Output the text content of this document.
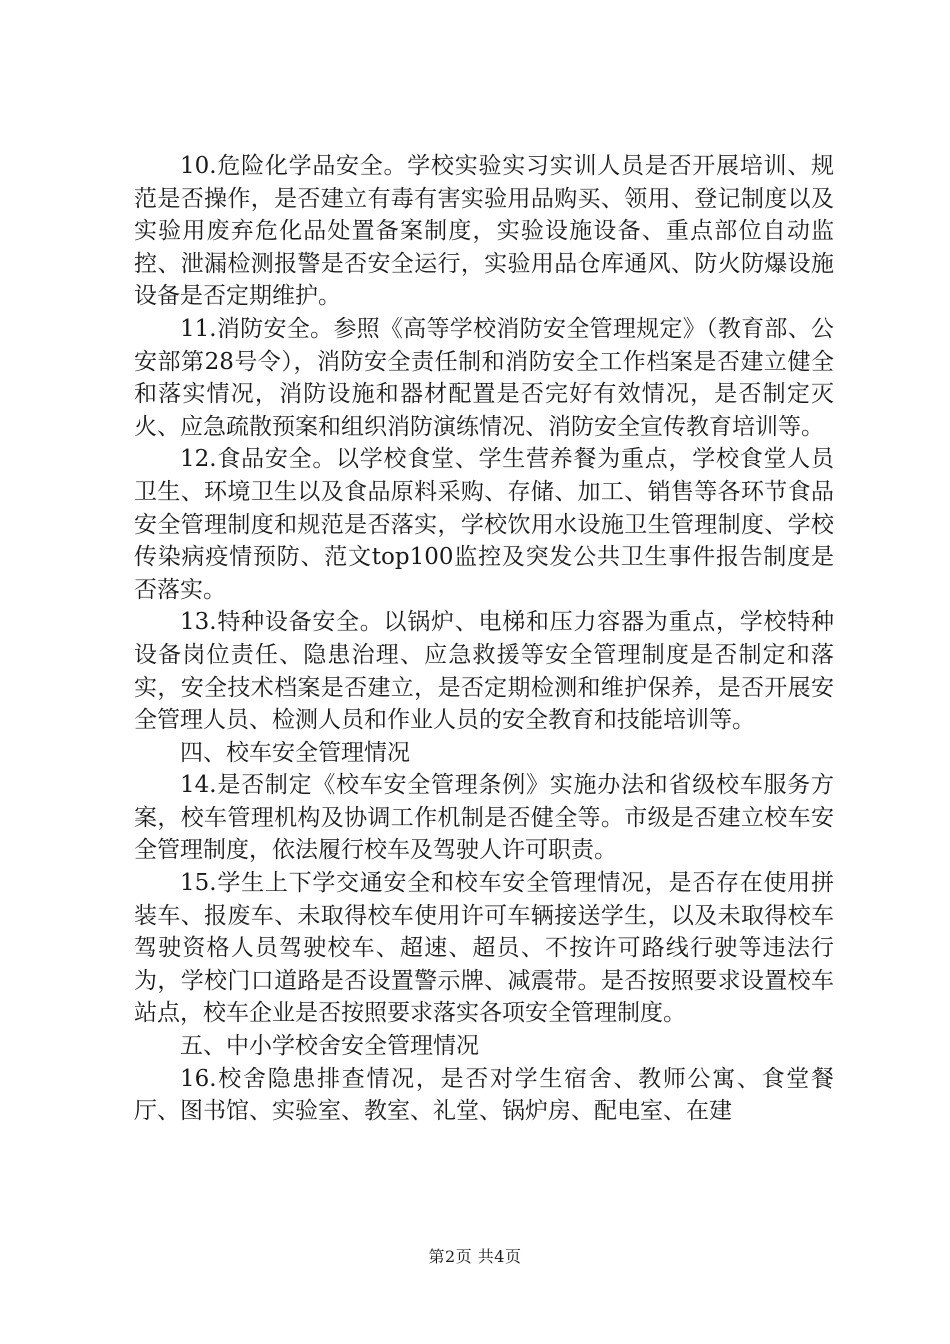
10.危险化学品安全。学校实验实习实训人员是否开展培训、规范是否操作，是否建立有毒有害实验用品购买、领用、登记制度以及实验用废弃危化品处置备案制度，实验设施设备、重点部位自动监控、泄漏检测报警是否安全运行，实验用品仓库通风、防火防爆设施设备是否定期维护。

11.消防安全。参照《高等学校消防安全管理规定》（教育部、公安部第28号令），消防安全责任制和消防安全工作档案是否建立健全和落实情况，消防设施和器材配置是否完好有效情况，是否制定灭火、应急疏散预案和组织消防演练情况、消防安全宣传教育培训等。

12.食品安全。以学校食堂、学生营养餐为重点，学校食堂人员卫生、环境卫生以及食品原料采购、存储、加工、销售等各环节食品安全管理制度和规范是否落实，学校饮用水设施卫生管理制度、学校传染病疫情预防、范文top100监控及突发公共卫生事件报告制度是否落实。

13.特种设备安全。以锅炉、电梯和压力容器为重点，学校特种设备岗位责任、隐患治理、应急救援等安全管理制度是否制定和落实，安全技术档案是否建立，是否定期检测和维护保养，是否开展安全管理人员、检测人员和作业人员的安全教育和技能培训等。

四、校车安全管理情况

14.是否制定《校车安全管理条例》实施办法和省级校车服务方案，校车管理机构及协调工作机制是否健全等。市级是否建立校车安全管理制度，依法履行校车及驾驶人许可职责。

15.学生上下学交通安全和校车安全管理情况，是否存在使用拼装车、报废车、未取得校车使用许可车辆接送学生，以及未取得校车驾驶资格人员驾驶校车、超速、超员、不按许可路线行驶等违法行为，学校门口道路是否设置警示牌、减震带。是否按照要求设置校车站点，校车企业是否按照要求落实各项安全管理制度。

五、中小学校舍安全管理情况

16.校舍隐患排查情况，是否对学生宿舍、教师公寓、食堂餐厅、图书馆、实验室、教室、礼堂、锅炉房、配电室、在建

第2页 共4页
